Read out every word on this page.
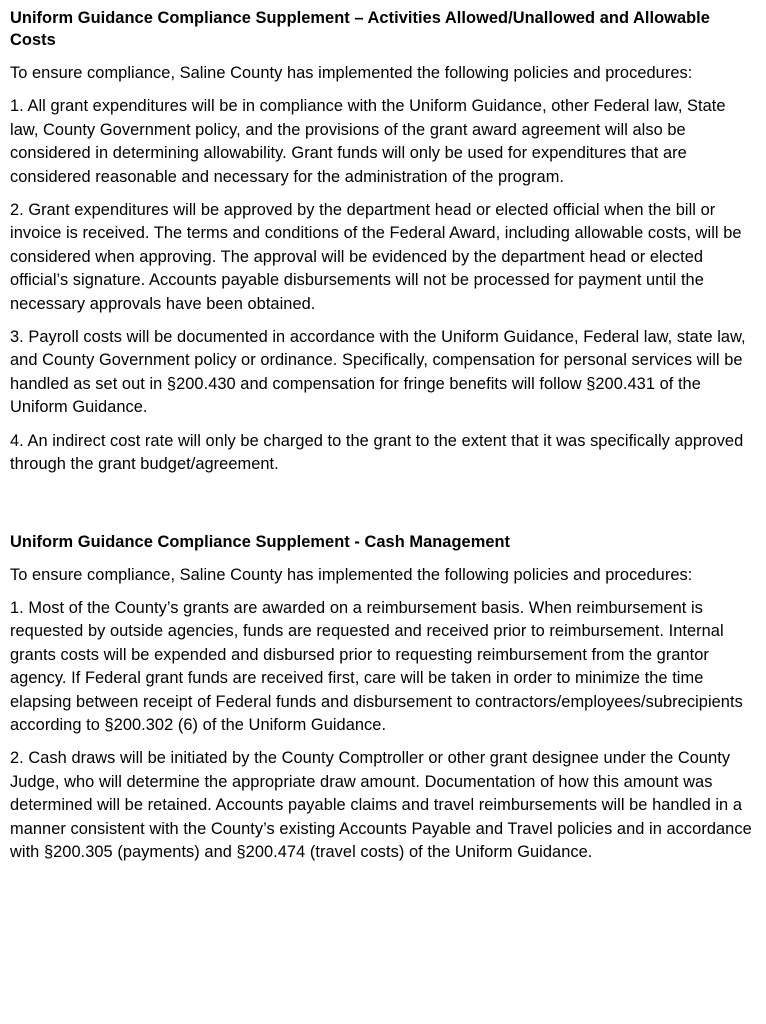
Uniform Guidance Compliance Supplement – Activities Allowed/Unallowed and Allowable Costs

To ensure compliance, Saline County has implemented the following policies and procedures:

1. All grant expenditures will be in compliance with the Uniform Guidance, other Federal law, State law, County Government policy, and the provisions of the grant award agreement will also be considered in determining allowability. Grant funds will only be used for expenditures that are considered reasonable and necessary for the administration of the program.

2. Grant expenditures will be approved by the department head or elected official when the bill or invoice is received. The terms and conditions of the Federal Award, including allowable costs, will be considered when approving. The approval will be evidenced by the department head or elected official’s signature. Accounts payable disbursements will not be processed for payment until the necessary approvals have been obtained.

3. Payroll costs will be documented in accordance with the Uniform Guidance, Federal law, state law, and County Government policy or ordinance. Specifically, compensation for personal services will be handled as set out in §200.430 and compensation for fringe benefits will follow §200.431 of the Uniform Guidance.

4. An indirect cost rate will only be charged to the grant to the extent that it was specifically approved through the grant budget/agreement.

Uniform Guidance Compliance Supplement - Cash Management

To ensure compliance, Saline County has implemented the following policies and procedures:

1. Most of the County’s grants are awarded on a reimbursement basis. When reimbursement is requested by outside agencies, funds are requested and received prior to reimbursement. Internal grants costs will be expended and disbursed prior to requesting reimbursement from the grantor agency. If Federal grant funds are received first, care will be taken in order to minimize the time elapsing between receipt of Federal funds and disbursement to contractors/employees/subrecipients according to §200.302 (6) of the Uniform Guidance.

2. Cash draws will be initiated by the County Comptroller or other grant designee under the County Judge, who will determine the appropriate draw amount. Documentation of how this amount was determined will be retained. Accounts payable claims and travel reimbursements will be handled in a manner consistent with the County’s existing Accounts Payable and Travel policies and in accordance with §200.305 (payments) and §200.474 (travel costs) of the Uniform Guidance.
